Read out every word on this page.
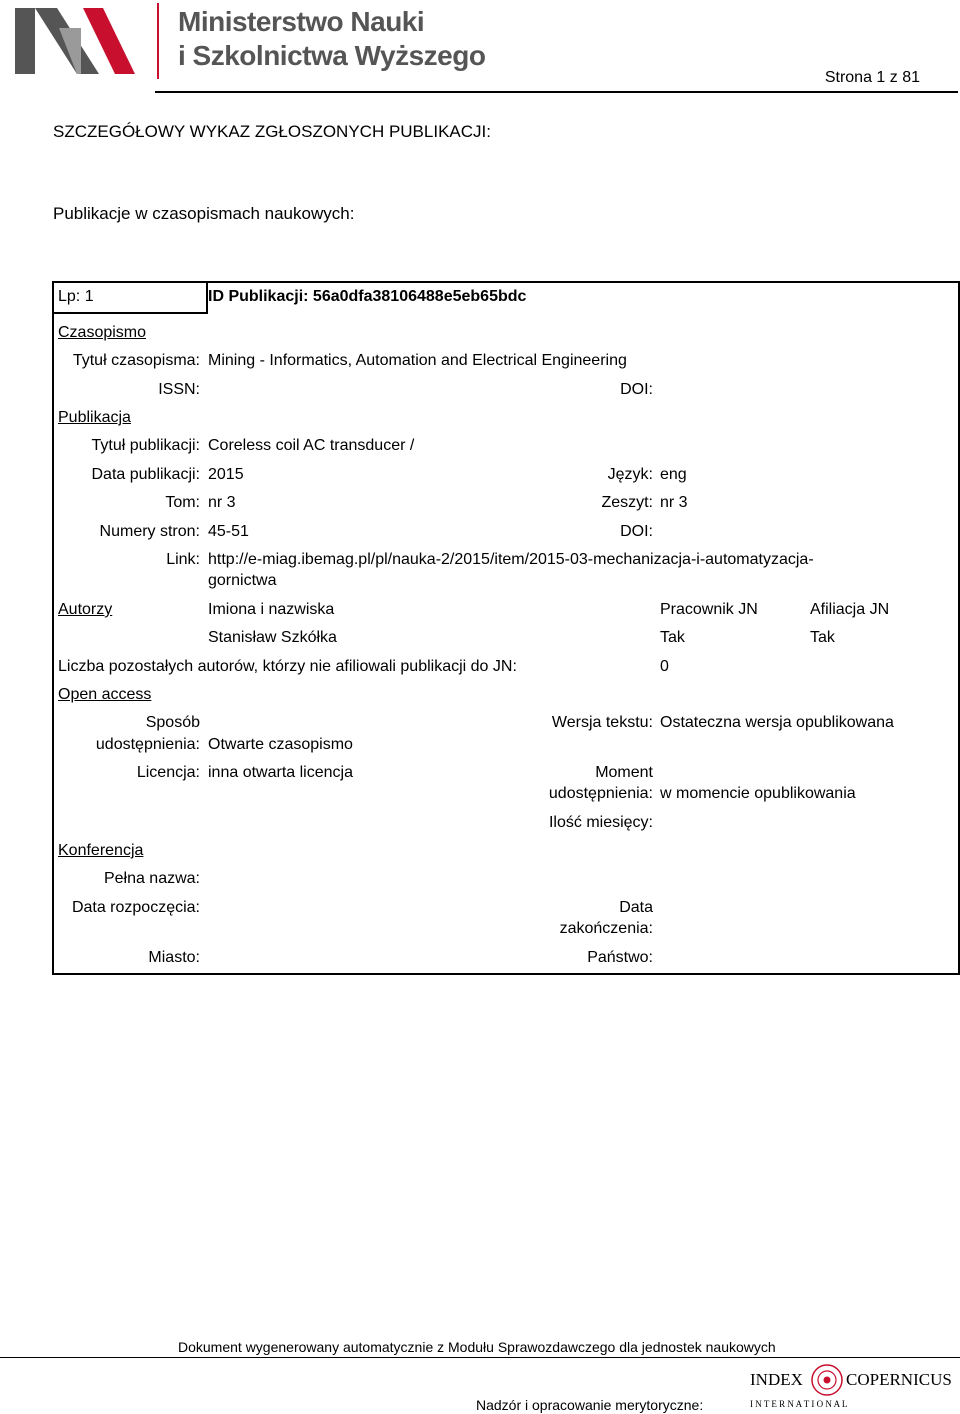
Ministerstwo Nauki
i Szkolnictwa Wyższego
Strona 1 z 81
SZCZEGÓŁOWY WYKAZ ZGŁOSZONYCH PUBLIKACJI:
Publikacje w czasopismach naukowych:
Lp: 1	ID Publikacji: 56a0dfa38106488e5eb65bdc
Czasopismo
Tytuł czasopisma: Mining - Informatics, Automation and Electrical Engineering
ISSN:	DOI:
Publikacja
Tytuł publikacji: Coreless coil AC transducer /
Data publikacji: 2015	Język: eng
Tom: nr 3	Zeszyt: nr 3
Numery stron: 45-51	DOI:
Link: http://e-miag.ibemag.pl/pl/nauka-2/2015/item/2015-03-mechanizacja-i-automatyzacja-
gornictwa
Autorzy	Imiona i nazwiska	Pracownik JN	Afiliacja JN
Stanisław Szkółka	Tak	Tak
Liczba pozostałych autorów, którzy nie afiliowali publikacji do JN:	0
Open access
Sposób
udostępnienia: Otwarte czasopismo
Wersja tekstu: Ostateczna wersja opublikowana
Licencja: inna otwarta licencja	Moment
udostępnienia: w momencie opublikowania
Ilość miesięcy:
Konferencja
Pełna nazwa:
Data rozpoczęcia:	Data
zakończenia:
Miasto:	Państwo:
Dokument wygenerowany automatycznie z Modułu Sprawozdawczego dla jednostek naukowych
Nadzór i opracowanie merytoryczne:
INDEX	COPERNICUS
I N T E R N A T I O N A L
